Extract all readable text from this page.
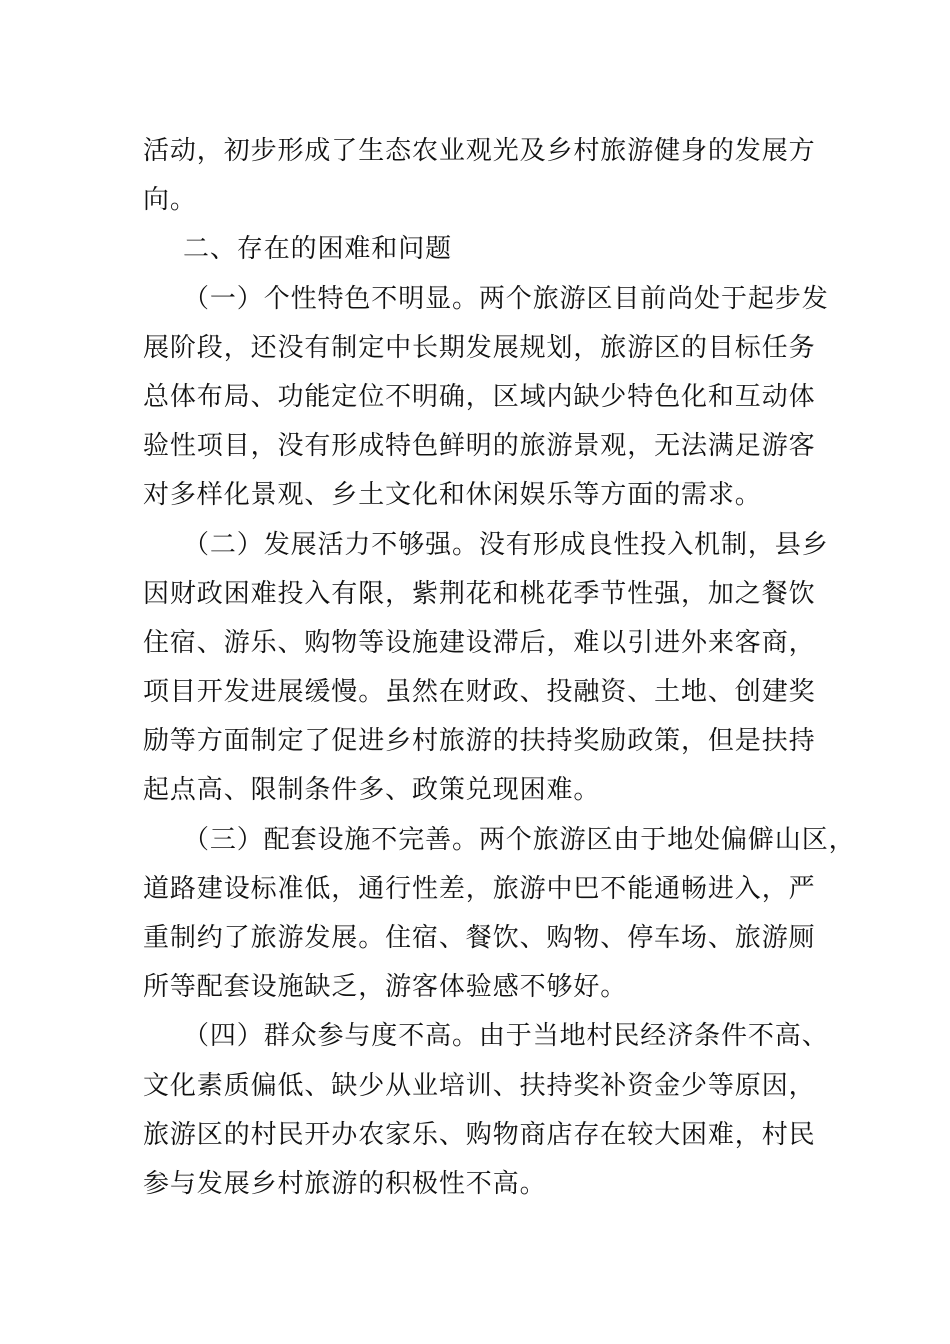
活动，初步形成了生态农业观光及乡村旅游健身的发展方
向。
二、存在的困难和问题
（一）个性特色不明显。两个旅游区目前尚处于起步发
展阶段，还没有制定中长期发展规划，旅游区的目标任务
总体布局、功能定位不明确，区域内缺少特色化和互动体
验性项目，没有形成特色鲜明的旅游景观，无法满足游客
对多样化景观、乡土文化和休闲娱乐等方面的需求。
（二）发展活力不够强。没有形成良性投入机制，县乡
因财政困难投入有限，紫荆花和桃花季节性强，加之餐饮
住宿、游乐、购物等设施建设滞后，难以引进外来客商，
项目开发进展缓慢。虽然在财政、投融资、土地、创建奖
励等方面制定了促进乡村旅游的扶持奖励政策，但是扶持
起点高、限制条件多、政策兑现困难。
（三）配套设施不完善。两个旅游区由于地处偏僻山区，
道路建设标准低，通行性差，旅游中巴不能通畅进入，严
重制约了旅游发展。住宿、餐饮、购物、停车场、旅游厕
所等配套设施缺乏，游客体验感不够好。
（四）群众参与度不高。由于当地村民经济条件不高、
文化素质偏低、缺少从业培训、扶持奖补资金少等原因，
旅游区的村民开办农家乐、购物商店存在较大困难，村民
参与发展乡村旅游的积极性不高。
